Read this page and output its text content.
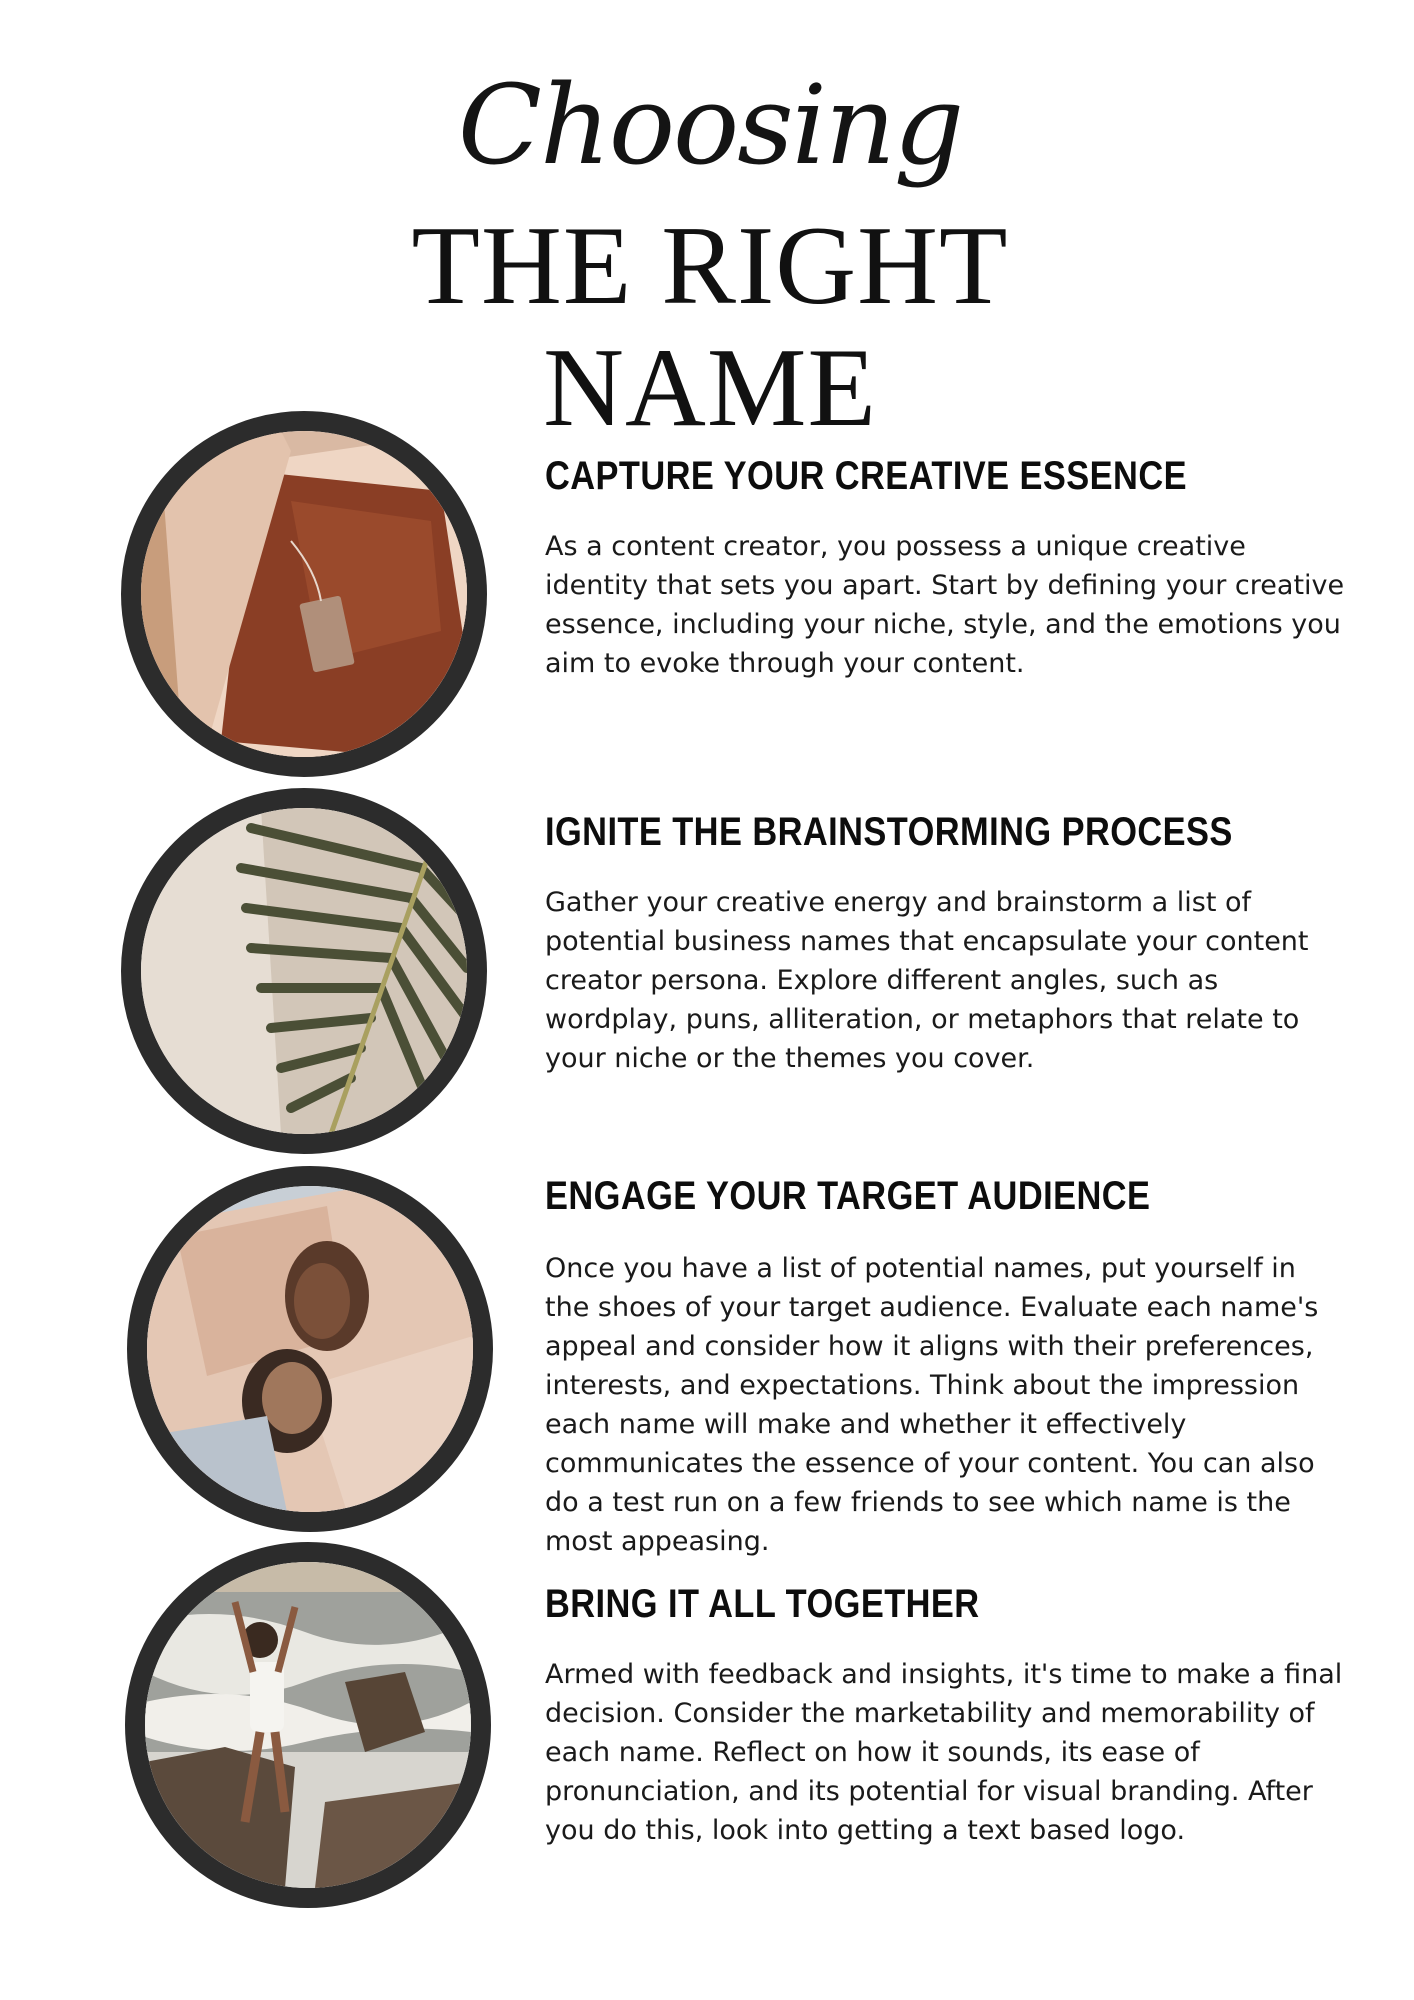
Choosing
THE RIGHT
NAME
CAPTURE YOUR CREATIVE ESSENCE
As a content creator, you possess a unique creative identity that sets you apart. Start by defining your creative essence, including your niche, style, and the emotions you aim to evoke through your content.
IGNITE THE BRAINSTORMING PROCESS
Gather your creative energy and brainstorm a list of potential business names that encapsulate your content creator persona. Explore different angles, such as wordplay, puns, alliteration, or metaphors that relate to your niche or the themes you cover.
ENGAGE YOUR TARGET AUDIENCE
Once you have a list of potential names, put yourself in the shoes of your target audience. Evaluate each name's appeal and consider how it aligns with their preferences, interests, and expectations. Think about the impression each name will make and whether it effectively communicates the essence of your content. You can also do a test run on a few friends to see which name is the most appeasing.
BRING IT ALL TOGETHER
Armed with feedback and insights, it's time to make a final decision. Consider the marketability and memorability of each name. Reflect on how it sounds, its ease of pronunciation, and its potential for visual branding. After you do this, look into getting a text based logo.
